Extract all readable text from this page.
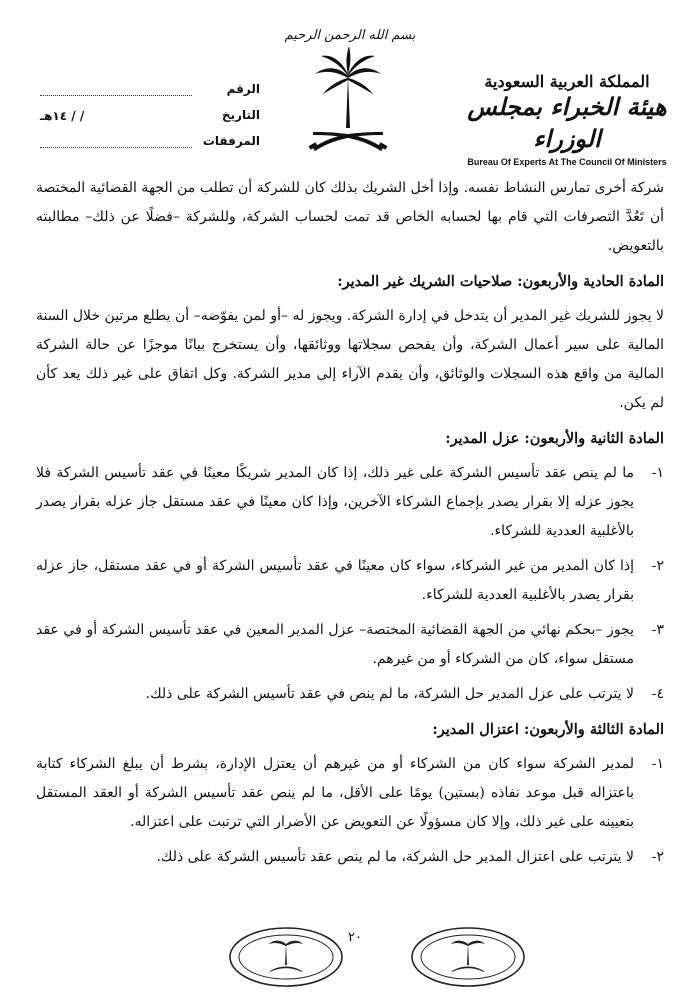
بسم الله الرحمن الرحيم
المملكة العربية السعودية
هيئة الخبراء بمجلس الوزراء
Bureau Of Experts At The Council Of Ministers
الرقم
التاريخ
/ / ١٤هـ
المرفقات

شركة أخرى تمارس النشاط نفسه. وإذا أخل الشريك بذلك كان للشركة أن تطلب من الجهة القضائية المختصة أن تَعُدَّ التصرفات التي قام بها لحسابه الخاص قد تمت لحساب الشركة، وللشركة –فضلًا عن ذلك– مطالبته بالتعويض.

المادة الحادية والأربعون: صلاحيات الشريك غير المدير:

لا يجوز للشريك غير المدير أن يتدخل في إدارة الشركة. ويجوز له –أو لمن يفوّضه– أن يطلع مرتين خلال السنة المالية على سير أعمال الشركة، وأن يفحص سجلاتها ووثائقها، وأن يستخرج بيانًا موجزًا عن حالة الشركة المالية من واقع هذه السجلات والوثائق، وأن يقدم الآراء إلى مدير الشركة. وكل اتفاق على غير ذلك يعد كأن لم يكن.

المادة الثانية والأربعون: عزل المدير:

١-
ما لم ينص عقد تأسيس الشركة على غير ذلك، إذا كان المدير شريكًا معينًا في عقد تأسيس الشركة فلا يجوز عزله إلا بقرار يصدر بإجماع الشركاء الآخرين، وإذا كان معينًا في عقد مستقل جاز عزله بقرار يصدر بالأغلبية العددية للشركاء.
٢-
إذا كان المدير من غير الشركاء، سواء كان معينًا في عقد تأسيس الشركة أو في عقد مستقل، جاز عزله بقرار يصدر بالأغلبية العددية للشركاء.
٣-
يجوز –بحكم نهائي من الجهة القضائية المختصة– عزل المدير المعين في عقد تأسيس الشركة أو في عقد مستقل سواء، كان من الشركاء أو من غيرهم.
٤-
لا يترتب على عزل المدير حل الشركة، ما لم ينص في عقد تأسيس الشركة على ذلك.

المادة الثالثة والأربعون: اعتزال المدير:

١-
لمدير الشركة سواء كان من الشركاء أو من غيرهم أن يعتزل الإدارة، بشرط أن يبلغ الشركاء كتابة باعتزاله قبل موعد نفاذه (بستين) يومًا على الأقل، ما لم ينص عقد تأسيس الشركة أو العقد المستقل بتعيينه على غير ذلك، وإلا كان مسؤولًا عن التعويض عن الأضرار التي ترتبت على اعتزاله.
٢-
لا يترتب على اعتزال المدير حل الشركة، ما لم ينص عقد تأسيس الشركة على ذلك.
٢٠
